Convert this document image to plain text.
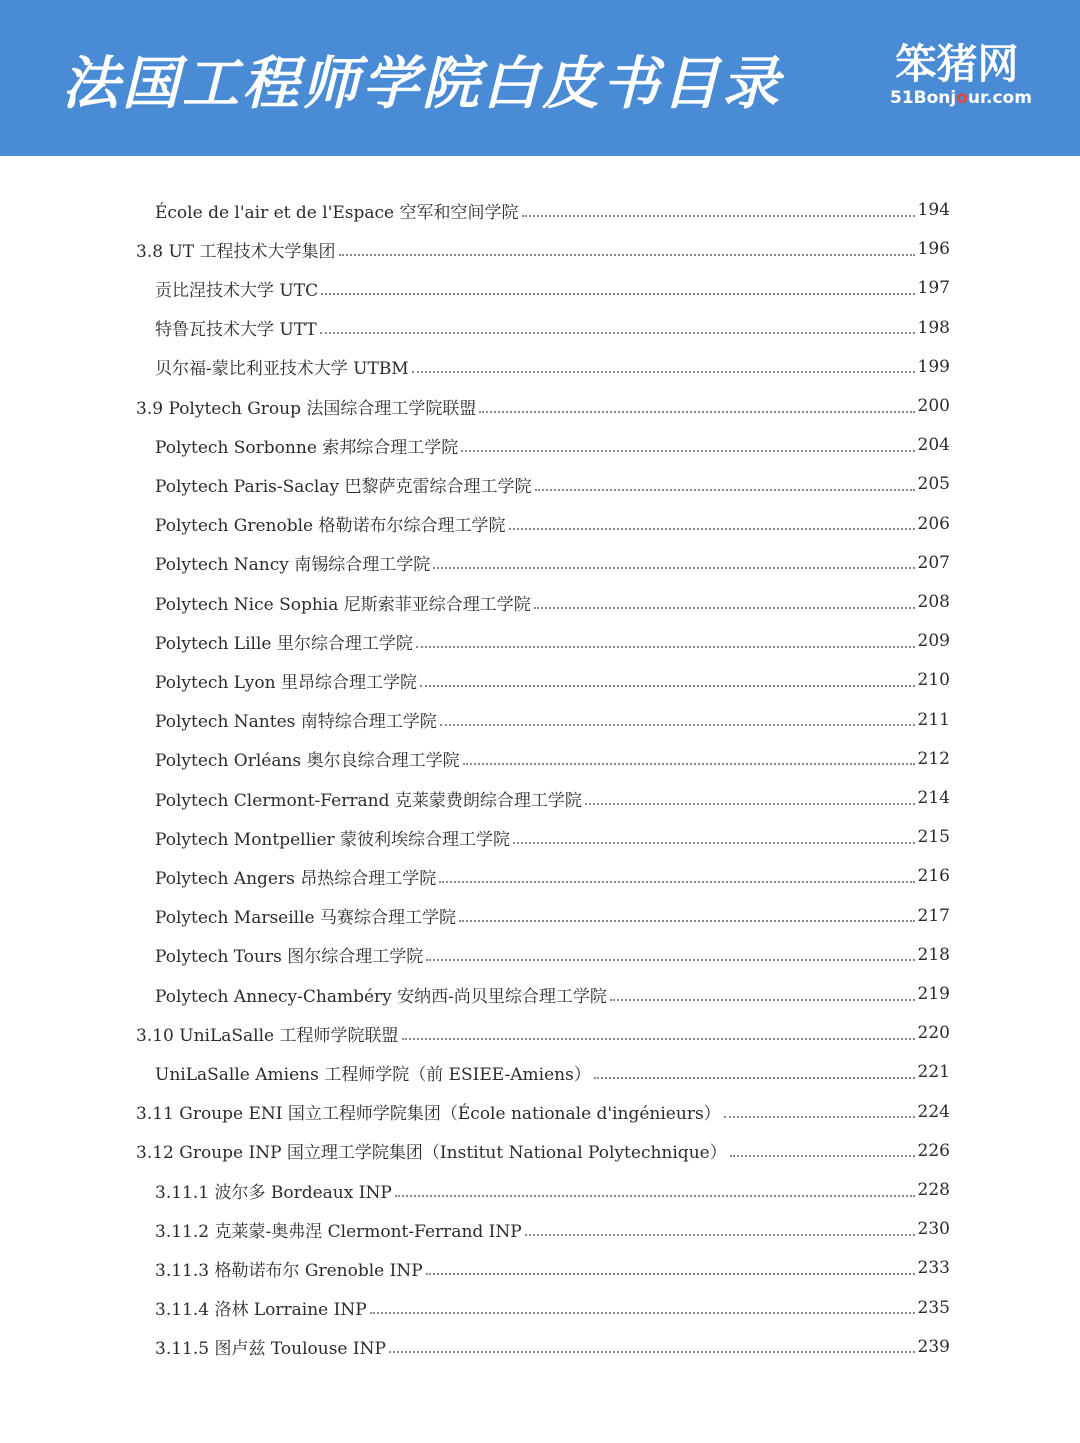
法国工程师学院白皮书目录	笨猪网
51Bonjour.com
École de l'air et de l'Espace 空军和空间学院	194
3.8 UT 工程技术大学集团	196
贡比涅技术大学 UTC	197
特鲁瓦技术大学 UTT	198
贝尔福-蒙比利亚技术大学 UTBM	199
3.9 Polytech Group 法国综合理工学院联盟	200
Polytech Sorbonne 索邦综合理工学院	204
Polytech Paris-Saclay 巴黎萨克雷综合理工学院	205
Polytech Grenoble 格勒诺布尔综合理工学院	206
Polytech Nancy 南锡综合理工学院	207
Polytech Nice Sophia 尼斯索菲亚综合理工学院	208
Polytech Lille 里尔综合理工学院	209
Polytech Lyon 里昂综合理工学院	210
Polytech Nantes 南特综合理工学院	211
Polytech Orléans 奥尔良综合理工学院	212
Polytech Clermont-Ferrand 克莱蒙费朗综合理工学院	214
Polytech Montpellier 蒙彼利埃综合理工学院	215
Polytech Angers 昂热综合理工学院	216
Polytech Marseille 马赛综合理工学院	217
Polytech Tours 图尔综合理工学院	218
Polytech Annecy-Chambéry 安纳西-尚贝里综合理工学院	219
3.10 UniLaSalle 工程师学院联盟	220
UniLaSalle Amiens 工程师学院（前 ESIEE-Amiens）	221
3.11 Groupe ENI 国立工程师学院集团（École nationale d'ingénieurs）	224
3.12 Groupe INP 国立理工学院集团（Institut National Polytechnique）	226
3.11.1 波尔多 Bordeaux INP	228
3.11.2 克莱蒙-奥弗涅 Clermont-Ferrand INP	230
3.11.3 格勒诺布尔 Grenoble INP	233
3.11.4 洛林 Lorraine INP	235
3.11.5 图卢兹 Toulouse INP	239
